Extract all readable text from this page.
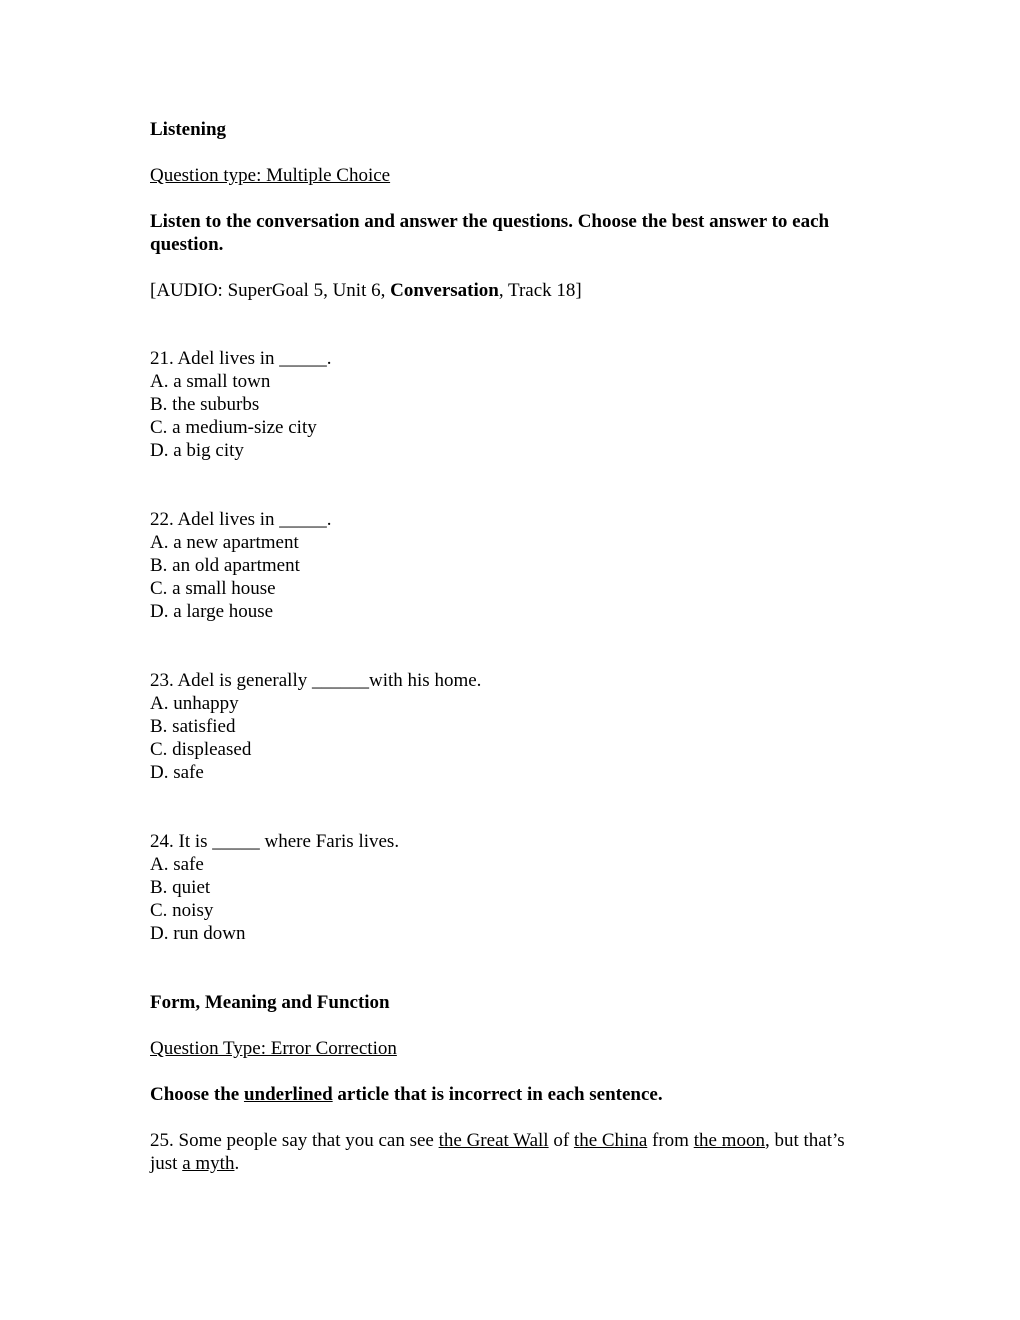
Listening
Question type: Multiple Choice
Listen to the conversation and answer the questions. Choose the best answer to each question.
[AUDIO: SuperGoal 5, Unit 6, Conversation, Track 18]
21. Adel lives in _____.
A. a small town
B. the suburbs
C. a medium-size city
D. a big city
22. Adel lives in _____.
A. a new apartment
B. an old apartment
C. a small house
D. a large house
23. Adel is generally ______with his home.
A. unhappy
B. satisfied
C. displeased
D. safe
24. It is _____ where Faris lives.
A. safe
B. quiet
C. noisy
D. run down
Form, Meaning and Function
Question Type: Error Correction
Choose the underlined article that is incorrect in each sentence.
25. Some people say that you can see the Great Wall of the China from the moon, but that’s just a myth.
